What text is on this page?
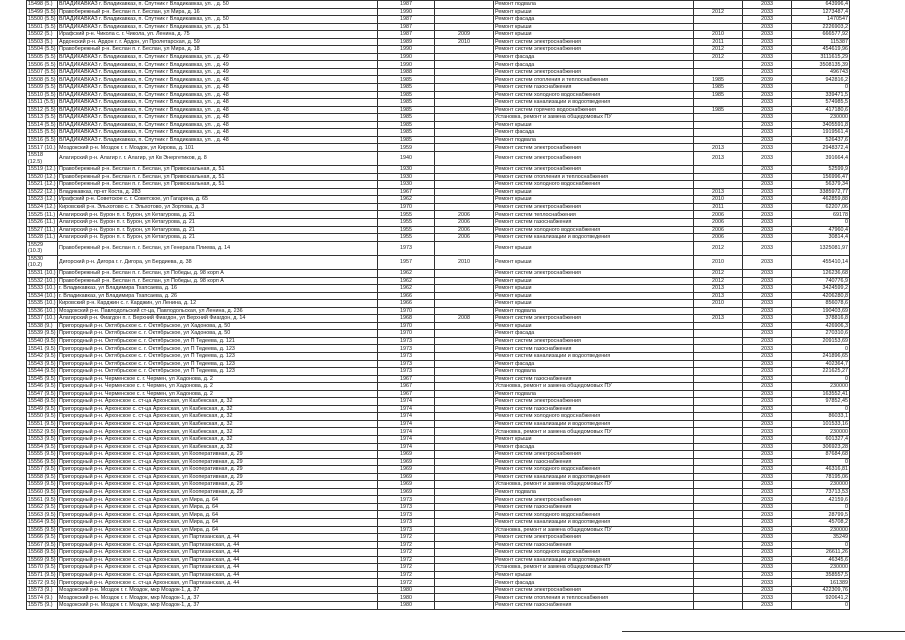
15498 (5.)	ВЛАДИКАВКАЗ г. Владикавказ, п. Спутник г Владикавказ, ул. , д. 50	1987		Ремонт подвала		2033	643996,4
15499 (5.5)	Правобережный р-н. Беслан п. г. Беслан, ул Мира, д. 16	1990		Ремонт крыши	2012	2033	1273487,4
15500 (5.5)	ВЛАДИКАВКАЗ г. Владикавказ, п. Спутник г Владикавказ, ул. , д. 50	1987		Ремонт фасада		2033	1470547
15501 (5.5)	ВЛАДИКАВКАЗ г. Владикавказ, п. Спутник г Владикавказ, ул. , д. 51	1987		Ремонт крыши		2033	2226903,2
15502 (5.)	Ирафский р-н. Чикола с. г. Чикола, ул. Ленина, д. 75	1987	2009	Ремонт крыши	2010	2033	666577,92
15503 (5.)	Ардонский р-н. Ардон г. г. Ардон, ул Пролетарская, д. 59	1989	2010	Ремонт систем электроснабжения	2011	2033	115387
15504 (5.5)	Правобережный р-н. Беслан п. г. Беслан, ул Мира, д. 18	1990		Ремонт систем электроснабжения	2012	2033	454619,96
15505 (5.5)	ВЛАДИКАВКАЗ г. Владикавказ, п. Спутник г Владикавказ, ул. , д. 49	1990		Ремонт фасада	2012	2033	3111615,29
15506 (5.5)	ВЛАДИКАВКАЗ г. Владикавказ, п. Спутник г Владикавказ, ул. , д. 49	1990		Ремонт фасада		2033	3508135,39
15507 (5.5)	ВЛАДИКАВКАЗ г. Владикавказ, п. Спутник г Владикавказ, ул. , д. 49	1988		Ремонт систем электроснабжения		2033	496743
15508 (5.5)	ВЛАДИКАВКАЗ г. Владикавказ, п. Спутник г Владикавказ, ул. , д. 48	1985		Ремонт систем отопления и теплоснабжения	1985	2039	942816,2
15509 (5.5)	ВЛАДИКАВКАЗ г. Владикавказ, п. Спутник г Владикавказ, ул. , д. 48	1985		Ремонт систем газоснабжения	1985	2033	0
15510 (5.5)	ВЛАДИКАВКАЗ г. Владикавказ, п. Спутник г Владикавказ, ул. , д. 48	1985		Ремонт систем холодного водоснабжения	1985	2033	339471,5
15511 (5.5)	ВЛАДИКАВКАЗ г. Владикавказ, п. Спутник г Владикавказ, ул. , д. 48	1985		Ремонт систем канализации и водоотведения		2033	574985,5
15512 (5.5)	ВЛАДИКАВКАЗ г. Владикавказ, п. Спутник г Владикавказ, ул. , д. 48	1985		Ремонт систем горячего водоснабжения	1985	2033	417180,6
15513 (5.5)	ВЛАДИКАВКАЗ г. Владикавказ, п. Спутник г Владикавказ, ул. , д. 48	1985		Установка, ремонт и замена общедомовых ПУ		2033	230000
15514 (5.5)	ВЛАДИКАВКАЗ г. Владикавказ, п. Спутник г Владикавказ, ул. , д. 48	1985		Ремонт крыши		2033	3405591,8
15515 (5.5)	ВЛАДИКАВКАЗ г. Владикавказ, п. Спутник г Владикавказ, ул. , д. 48	1985		Ремонт фасада		2033	1919561,4
15516 (5.5)	ВЛАДИКАВКАЗ г. Владикавказ, п. Спутник г Владикавказ, ул. , д. 48	1985		Ремонт подвала		2033	526437,6
15517 (10.)	Моздокский р-н. Моздок г. г. Моздок, ул Кирова, д. 101	1959		Ремонт систем электроснабжения	2013	2033	2948372,4
15518 (12.5)	Алагирский р-н. Алагир г. г. Алагир, ул Кв Энергетиков, д. 8	1940		Ремонт систем электроснабжения	2013	2033	391664,4
15519 (12.)	Правобережный р-н. Беслан п. г. Беслан, ул Привокзальная, д. 51	1930		Ремонт систем электроснабжения		2033	52599,9
15520 (12.)	Правобережный р-н. Беслан п. г. Беслан, ул Привокзальная, д. 51	1930		Ремонт систем отопления и теплоснабжения		2033	156996,47
15521 (12.)	Правобережный р-н. Беслан п. г. Беслан, ул Привокзальная, д. 51	1930		Ремонт систем холодного водоснабжения		2033	56379,34
15522 (12.)	Владикавказ, пр-кт Коста, д. 283	1967		Ремонт крыши	2013	2033	3385972,77
15523 (12.)	Ирафский р-н. Советское с. г. Советское, ул Гагарина, д. 65	1962		Ремонт крыши	2010	2033	462859,88
15524 (12.)	Кировский р-н. Эльхотово с. г. Эльхотово, ул Зортова, д. 3	1970		Ремонт систем электроснабжения	2011	2033	62207,06
15525 (11.)	Алагирский р-н. Бурон п. г. Бурон, ул Кетагурова, д. 21	1955	2006	Ремонт систем теплоснабжения	2006	2033	69178
15526 (11.)	Алагирский р-н. Бурон п. г. Бурон, ул Кетагурова, д. 21	1955	2006	Ремонт систем газоснабжения	2006	2033	0
15527 (11.)	Алагирский р-н. Бурон п. г. Бурон, ул Кетагурова, д. 21	1955	2006	Ремонт систем холодного водоснабжения	2006	2033	47960,4
15528 (11.)	Алагирский р-н. Бурон п. г. Бурон, ул Кетагурова, д. 21	1955	2006	Ремонт систем канализации и водоотведения	2006	2033	30814,4
15529 (10.3)	Правобережный р-н. Беслан п. г. Беслан, ул Генерала Плиева, д. 14	1973		Ремонт крыши	2012	2033	1325081,97
15530 (10.2)	Дигорский р-н. Дигора г. г. Дигора, ул Бердиева, д. 38	1957	2010	Ремонт крыши	2010	2033	455410,14
15531 (10.)	Правобережный р-н. Беслан п. г. Беслан, ул Победы, д. 98 корп А	1962		Ремонт систем электроснабжения	2012	2033	126236,68
15532 (10.)	Правобережный р-н. Беслан п. г. Беслан, ул Победы, д. 98 корп А	1962		Ремонт крыши	2012	2033	740776,9
15533 (10.)	г. Владикавказ, ул Владимира Тхапсаева, д. 16	1962		Ремонт крыши	2013	2033	3424599,2
15534 (10.)	г. Владикавказ, ул Владимира Тхапсаева, д. 26	1966		Ремонт крыши	2013	2033	4206280,8
15535 (10.)	Кировский р-н. Карджин с. г. Карджин, ул Ленина, д. 12	1966		Ремонт крыши	2010	2033	856078,6
15536 (10.)	Моздокский р-н. Павлодольский ст-ца, Павлодольская, ул Ленина, д. 236	1970		Ремонт подвала		2033	190403,69
15537 (10.)	Алагирский р-н. Фиагдон п. г. Верхний Фиагдон, ул Верхний Фиагдон, д. 14	1968	2008	Ремонт систем электроснабжения	2013	2033	378816,8
15538 (9.)	Пригородный р-н. Октябрьское с. г. Октябрьское, ул Хадонова, д. 50	1970		Ремонт крыши		2033	426906,3
15539 (9.5)	Пригородный р-н. Октябрьское с. г. Октябрьское, ул Хадонова, д. 50	1970		Ремонт фасада		2033	270310,6
15540 (9.5)	Пригородный р-н. Октябрьское с. г. Октябрьское, ул П Тедеева, д. 121	1973		Ремонт систем электроснабжения		2033	209153,69
15541 (9.5)	Пригородный р-н. Октябрьское с. г. Октябрьское, ул П Тедеева, д. 123	1973		Ремонт систем газоснабжения		2033	0
15542 (9.5)	Пригородный р-н. Октябрьское с. г. Октябрьское, ул П Тедеева, д. 123	1973		Ремонт систем канализации и водоотведения		2033	241896,65
15543 (9.5)	Пригородный р-н. Октябрьское с. г. Октябрьское, ул П Тедеева, д. 123	1973		Ремонт фасада		2033	402364,7
15544 (9.5)	Пригородный р-н. Октябрьское с. г. Октябрьское, ул П Тедеева, д. 123	1973		Ремонт подвала		2033	221625,27
15545 (9.5)	Пригородный р-н. Черменское с. г. Чермен, ул Хадонова, д. 2	1967		Ремонт систем газоснабжения		2033	0
15546 (9.5)	Пригородный р-н. Черменское с. г. Чермен, ул Хадонова, д. 2	1967		Установка, ремонт и замена общедомовых ПУ		2033	230000
15547 (9.5)	Пригородный р-н. Черменское с. г. Чермен, ул Хадонова, д. 2	1967		Ремонт подвала		2033	163552,41
15548 (9.5)	Пригородный р-н. Архонское с. ст-ца Архонская, ул Казбекская, д. 32	1974		Ремонт систем электроснабжения		2033	97852,45
15549 (9.5)	Пригородный р-н. Архонское с. ст-ца Архонская, ул Казбекская, д. 32	1974		Ремонт систем газоснабжения		2033	0
15550 (9.5)	Пригородный р-н. Архонское с. ст-ца Архонская, ул Казбекская, д. 32	1974		Ремонт систем холодного водоснабжения		2033	86033,1
15551 (9.5)	Пригородный р-н. Архонское с. ст-ца Архонская, ул Казбекская, д. 32	1974		Ремонт систем канализации и водоотведения		2033	101533,16
15552 (9.5)	Пригородный р-н. Архонское с. ст-ца Архонская, ул Казбекская, д. 32	1974		Установка, ремонт и замена общедомовых ПУ		2033	230000
15553 (9.5)	Пригородный р-н. Архонское с. ст-ца Архонская, ул Казбекская, д. 32	1974		Ремонт крыши		2033	601327,4
15554 (9.5)	Пригородный р-н. Архонское с. ст-ца Архонская, ул Казбекская, д. 32	1974		Ремонт фасада		2033	306923,28
15555 (9.5)	Пригородный р-н. Архонское с. ст-ца Архонская, ул Кооперативная, д. 29	1969		Ремонт систем электроснабжения		2033	87684,68
15556 (9.5)	Пригородный р-н. Архонское с. ст-ца Архонская, ул Кооперативная, д. 29	1969		Ремонт систем газоснабжения		2033	0
15557 (9.5)	Пригородный р-н. Архонское с. ст-ца Архонская, ул Кооперативная, д. 29	1969		Ремонт систем холодного водоснабжения		2033	46316,81
15558 (9.5)	Пригородный р-н. Архонское с. ст-ца Архонская, ул Кооперативная, д. 29	1969		Ремонт систем канализации и водоотведения		2033	78195,06
15559 (9.5)	Пригородный р-н. Архонское с. ст-ца Архонская, ул Кооперативная, д. 29	1969		Установка, ремонт и замена общедомовых ПУ		2033	230000
15560 (9.5)	Пригородный р-н. Архонское с. ст-ца Архонская, ул Кооперативная, д. 29	1969		Ремонт подвала		2033	73713,53
15561 (9.5)	Пригородный р-н. Архонское с. ст-ца Архонская, ул Мира, д. 64	1973		Ремонт систем электроснабжения		2033	42159,6
15562 (9.5)	Пригородный р-н. Архонское с. ст-ца Архонская, ул Мира, д. 64	1973		Ремонт систем газоснабжения		2033	0
15563 (9.5)	Пригородный р-н. Архонское с. ст-ца Архонская, ул Мира, д. 64	1973		Ремонт систем холодного водоснабжения		2033	28799,5
15564 (9.5)	Пригородный р-н. Архонское с. ст-ца Архонская, ул Мира, д. 64	1973		Ремонт систем канализации и водоотведения		2033	45708,2
15565 (9.5)	Пригородный р-н. Архонское с. ст-ца Архонская, ул Мира, д. 64	1973		Установка, ремонт и замена общедомовых ПУ		2033	230000
15566 (9.5)	Пригородный р-н. Архонское с. ст-ца Архонская, ул Партизанская, д. 44	1972		Ремонт систем электроснабжения		2033	35249
15567 (9.5)	Пригородный р-н. Архонское с. ст-ца Архонская, ул Партизанская, д. 44	1972		Ремонт систем газоснабжения		2033	0
15568 (9.5)	Пригородный р-н. Архонское с. ст-ца Архонская, ул Партизанская, д. 44	1972		Ремонт систем холодного водоснабжения		2033	26611,26
15569 (9.5)	Пригородный р-н. Архонское с. ст-ца Архонская, ул Партизанская, д. 44	1972		Ремонт систем канализации и водоотведения		2033	46345,6
15570 (9.5)	Пригородный р-н. Архонское с. ст-ца Архонская, ул Партизанская, д. 44	1972		Установка, ремонт и замена общедомовых ПУ		2033	230000
15571 (9.5)	Пригородный р-н. Архонское с. ст-ца Архонская, ул Партизанская, д. 44	1972		Ремонт крыши		2033	358557,5
15572 (9.5)	Пригородный р-н. Архонское с. ст-ца Архонская, ул Партизанская, д. 44	1972		Ремонт фасада		2033	161389
15573 (9.)	Моздокский р-н. Моздок г. г. Моздок, мкр Моздок-1, д. 37	1980		Ремонт систем электроснабжения		2033	422309,76
15574 (9.)	Моздокский р-н. Моздок г. г. Моздок, мкр Моздок-1, д. 37	1980		Ремонт систем отопления и теплоснабжения		2033	920641,2
15575 (9.)	Моздокский р-н. Моздок г. г. Моздок, мкр Моздок-1, д. 37	1980		Ремонт систем газоснабжения		2033	0
